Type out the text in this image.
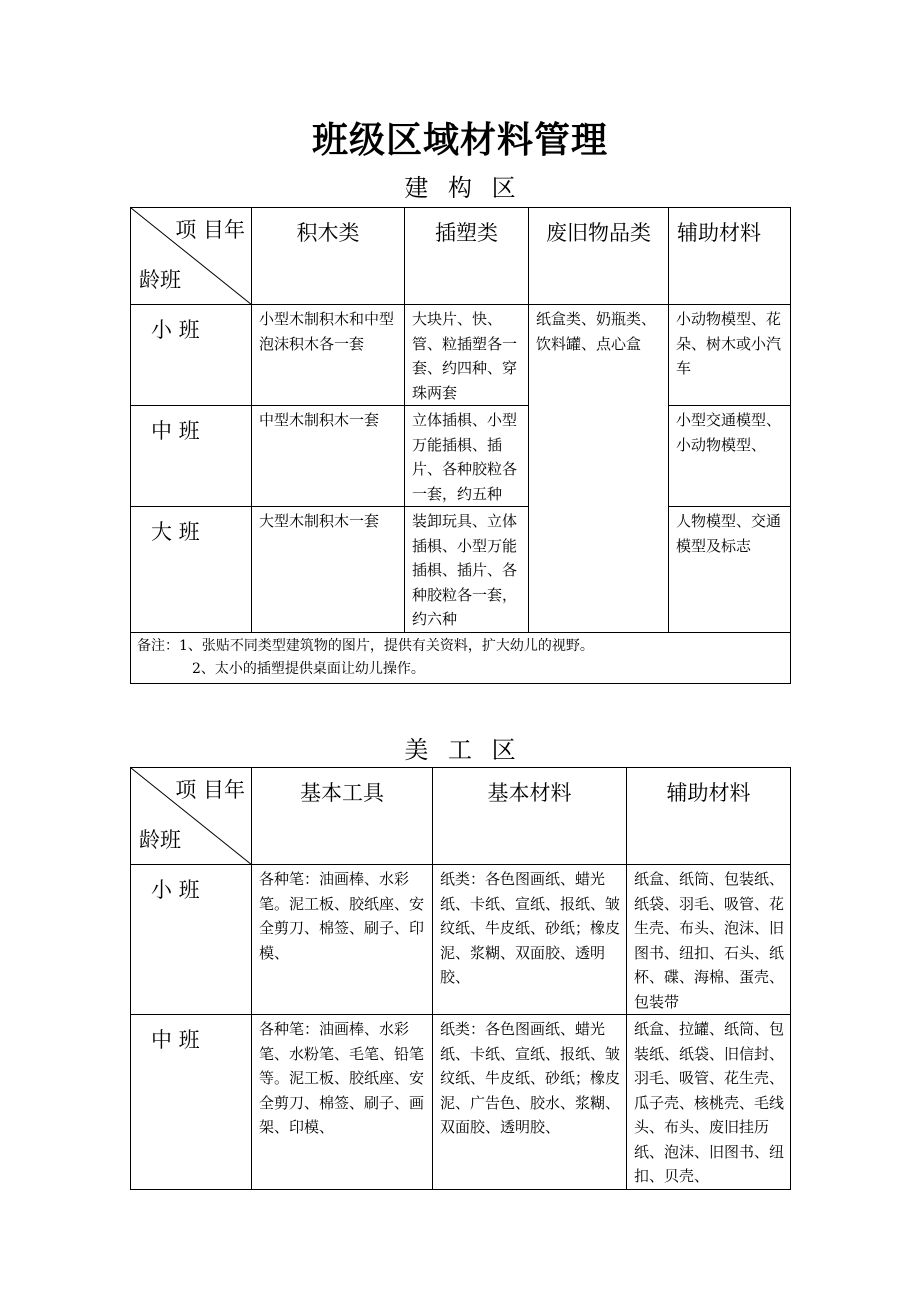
班级区域材料管理
建 构 区
项 目年
龄班	积木类	插塑类	废旧物品类	辅助材料
小 班	小型木制积木和中型泡沫积木各一套	大块片、快、管、粒插塑各一套、约四种、穿珠两套	纸盒类、奶瓶类、饮料罐、点心盒	小动物模型、花朵、树木或小汽车
中 班	中型木制积木一套	立体插椇、小型万能插椇、插片、各种胶粒各一套，约五种		小型交通模型、小动物模型、
大 班	大型木制积木一套	装卸玩具、立体插椇、小型万能插椇、插片、各种胶粒各一套，约六种		人物模型、交通模型及标志

备注：1、张贴不同类型建筑物的图片，提供有关资料，扩大幼儿的视野。
2、太小的插塑提供桌面让幼儿操作。				
美 工 区
项 目年
龄班	基本工具	基本材料	辅助材料
小 班	各种笔：油画棒、水彩笔。泥工板、胶纸座、安全剪刀、棉签、刷子、印模、	纸类：各色图画纸、蜡光纸、卡纸、宣纸、报纸、皱纹纸、牛皮纸、砂纸；橡皮泥、浆糊、双面胶、透明胶、	纸盒、纸筒、包装纸、纸袋、羽毛、吸管、花生壳、布头、泡沫、旧图书、纽扣、石头、纸杯、碟、海棉、蛋壳、包装带
中 班	各种笔：油画棒、水彩笔、水粉笔、毛笔、铅笔等。泥工板、胶纸座、安全剪刀、棉签、刷子、画架、印模、	纸类：各色图画纸、蜡光纸、卡纸、宣纸、报纸、皱纹纸、牛皮纸、砂纸；橡皮泥、广告色、胶水、浆糊、双面胶、透明胶、	纸盒、拉罐、纸筒、包装纸、纸袋、旧信封、羽毛、吸管、花生壳、瓜子壳、核桃壳、毛线头、布头、废旧挂历纸、泡沫、旧图书、纽扣、贝壳、
